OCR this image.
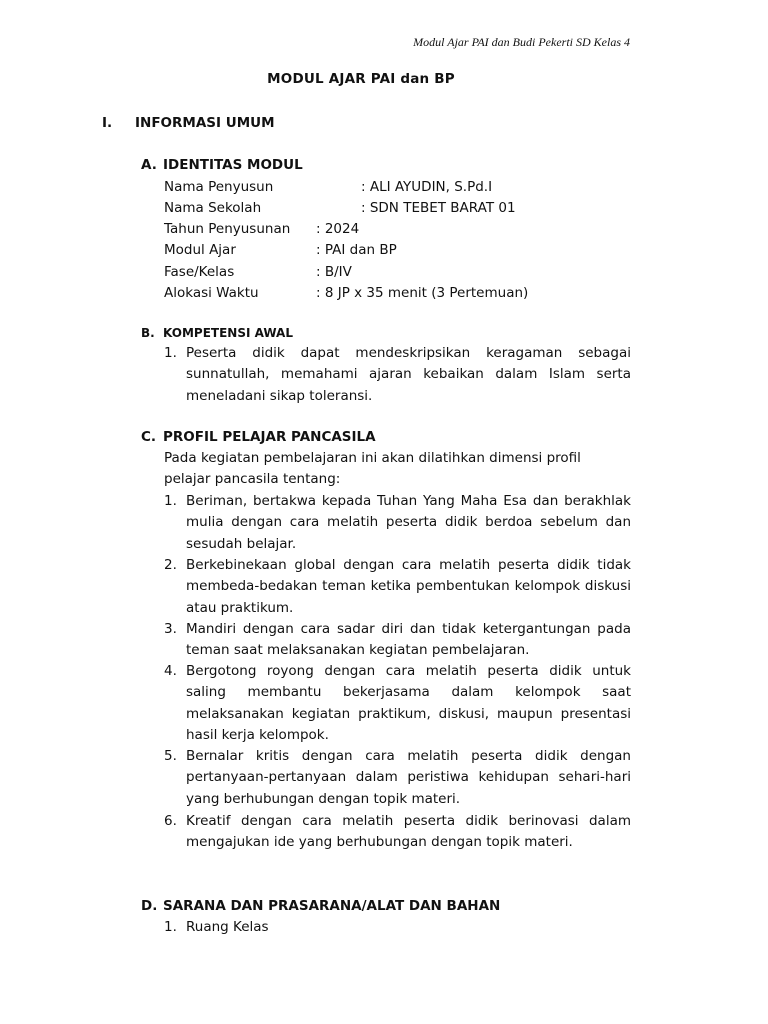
Modul Ajar PAI dan Budi Pekerti SD Kelas 4
MODUL AJAR PAI dan BP
I. INFORMASI UMUM
A. IDENTITAS MODUL
Nama Penyusun	: ALI AYUDIN, S.Pd.I
Nama Sekolah	: SDN TEBET BARAT 01
Tahun Penyusunan : 2024
Modul Ajar	: PAI dan BP
Fase/Kelas	: B/IV
Alokasi Waktu	: 8 JP x 35 menit (3 Pertemuan)
B. KOMPETENSI AWAL
1. Peserta didik dapat mendeskripsikan keragaman sebagai sunnatullah, memahami ajaran kebaikan dalam Islam serta meneladani sikap toleransi.
C. PROFIL PELAJAR PANCASILA
Pada kegiatan pembelajaran ini akan dilatihkan dimensi profil pelajar pancasila tentang:
1. Beriman, bertakwa kepada Tuhan Yang Maha Esa dan berakhlak mulia dengan cara melatih peserta didik berdoa sebelum dan sesudah belajar.
2. Berkebinekaan global dengan cara melatih peserta didik tidak membeda-bedakan teman ketika pembentukan kelompok diskusi atau praktikum.
3. Mandiri dengan cara sadar diri dan tidak ketergantungan pada teman saat melaksanakan kegiatan pembelajaran.
4. Bergotong royong dengan cara melatih peserta didik untuk saling membantu bekerjasama dalam kelompok saat melaksanakan kegiatan praktikum, diskusi, maupun presentasi hasil kerja kelompok.
5. Bernalar kritis dengan cara melatih peserta didik dengan pertanyaan-pertanyaan dalam peristiwa kehidupan sehari-hari yang berhubungan dengan topik materi.
6. Kreatif dengan cara melatih peserta didik berinovasi dalam mengajukan ide yang berhubungan dengan topik materi.
D. SARANA DAN PRASARANA/ALAT DAN BAHAN
1. Ruang Kelas
